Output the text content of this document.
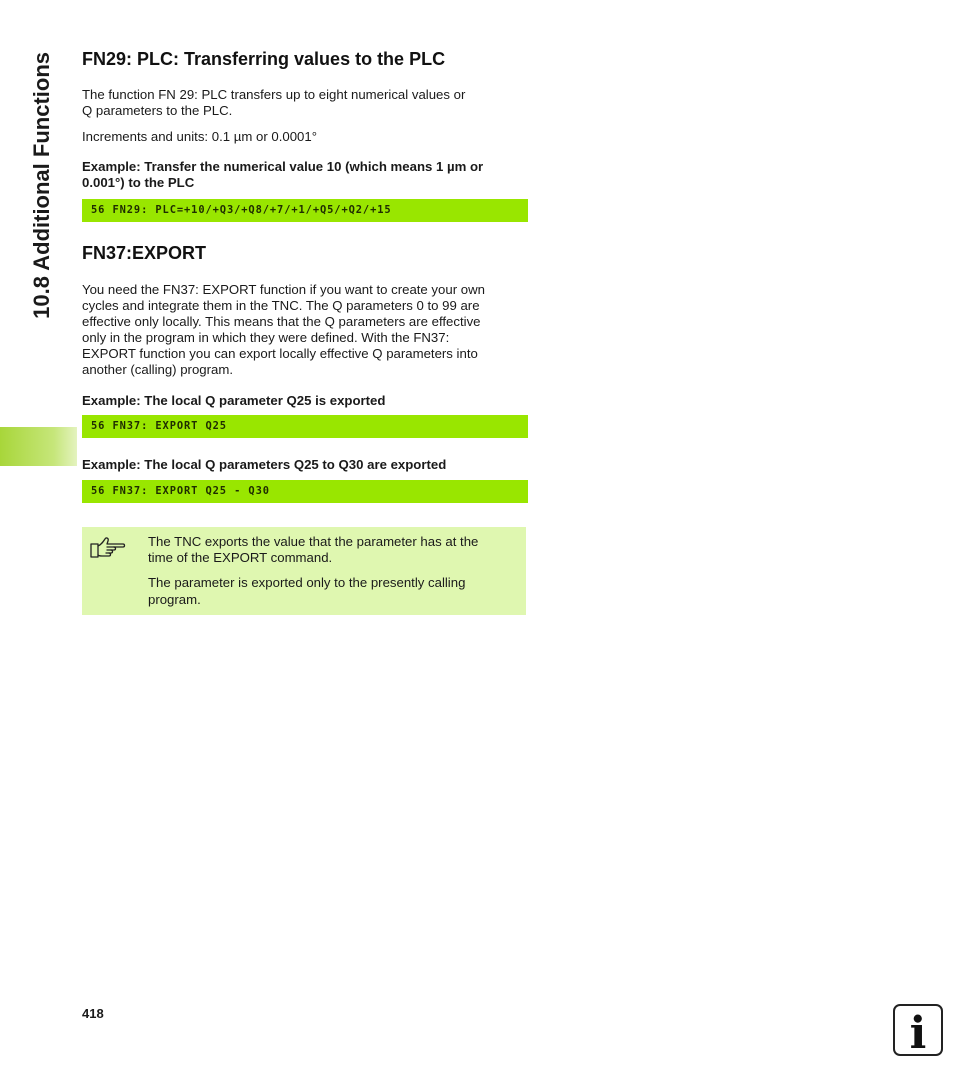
10.8 Additional Functions FN29: PLC: Transferring values to the PLC

The function FN 29: PLC transfers up to eight numerical values or

Q parameters to the PLC.

Increments and units: 0.1 µm or 0.0001°

Example: Transfer the numerical value 10 (which means 1 µm or

0.001°) to the PLC

56 FN29: PLC=+10/+Q3/+Q8/+7/+1/+Q5/+Q2/+15
FN37:EXPORT

You need the FN37: EXPORT function if you want to create your own

cycles and integrate them in the TNC. The Q parameters 0 to 99 are

effective only locally. This means that the Q parameters are effective

only in the program in which they were defined. With the FN37:

EXPORT function you can export locally effective Q parameters into

another (calling) program.

Example: The local Q parameter Q25 is exported

56 FN37: EXPORT Q25

Example: The local Q parameters Q25 to Q30 are exported

56 FN37: EXPORT Q25 - Q30

The TNC exports the value that the parameter has at the

time of the EXPORT command.

The parameter is exported only to the presently calling

program.

418	i
